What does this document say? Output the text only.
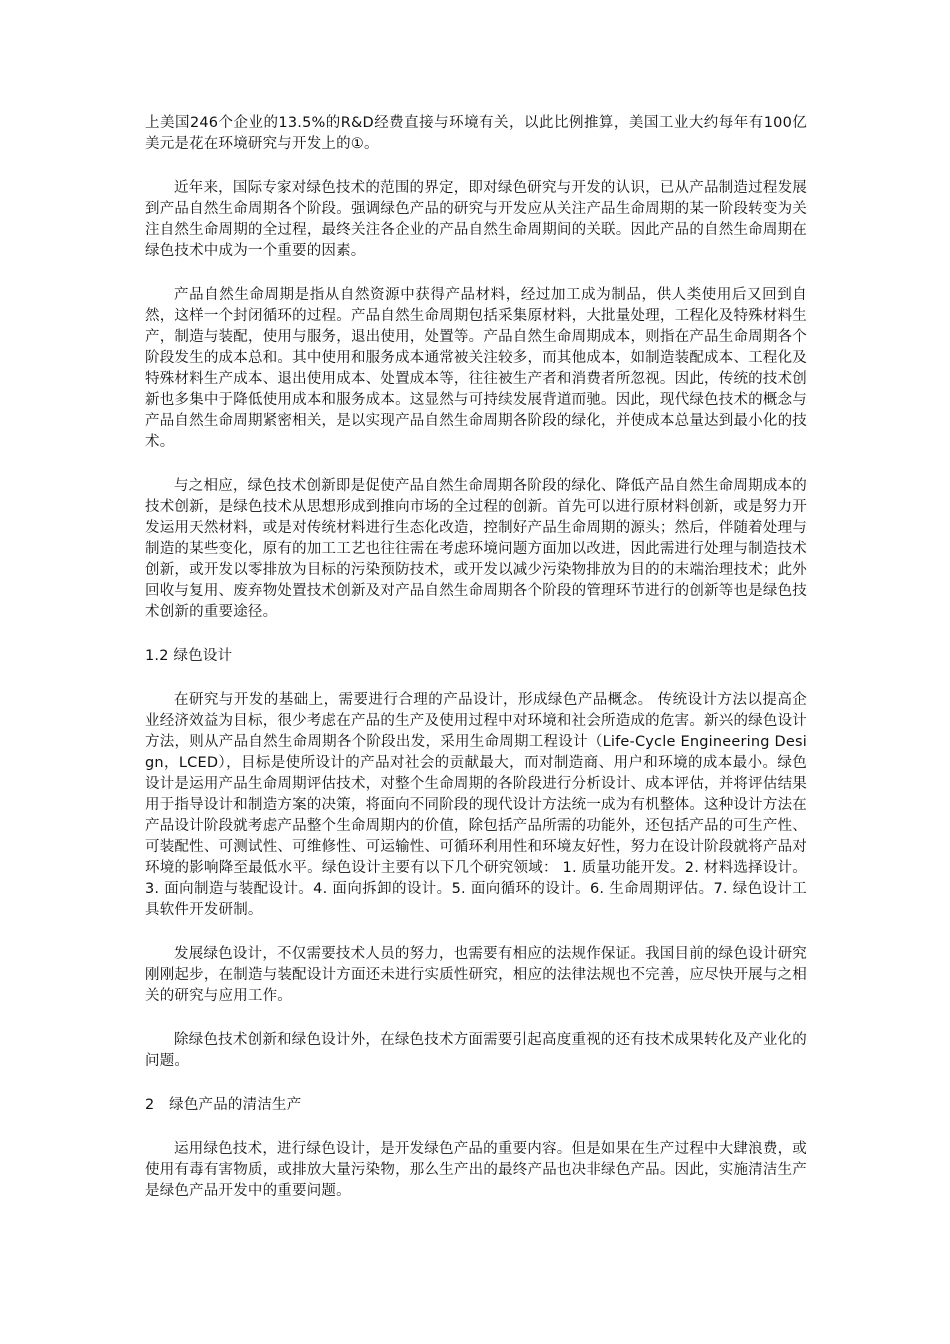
上美国246个企业的13.5%的R&D经费直接与环境有关，以此比例推算，美国工业大约每年有100亿美元是花在环境研究与开发上的①。

近年来，国际专家对绿色技术的范围的界定，即对绿色研究与开发的认识，已从产品制造过程发展到产品自然生命周期各个阶段。强调绿色产品的研究与开发应从关注产品生命周期的某一阶段转变为关注自然生命周期的全过程，最终关注各企业的产品自然生命周期间的关联。因此产品的自然生命周期在绿色技术中成为一个重要的因素。

产品自然生命周期是指从自然资源中获得产品材料，经过加工成为制品，供人类使用后又回到自然，这样一个封闭循环的过程。产品自然生命周期包括采集原材料，大批量处理，工程化及特殊材料生产，制造与装配，使用与服务，退出使用，处置等。产品自然生命周期成本，则指在产品生命周期各个阶段发生的成本总和。其中使用和服务成本通常被关注较多，而其他成本，如制造装配成本、工程化及特殊材料生产成本、退出使用成本、处置成本等，往往被生产者和消费者所忽视。因此，传统的技术创新也多集中于降低使用成本和服务成本。这显然与可持续发展背道而驰。因此，现代绿色技术的概念与产品自然生命周期紧密相关，是以实现产品自然生命周期各阶段的绿化，并使成本总量达到最小化的技术。

与之相应，绿色技术创新即是促使产品自然生命周期各阶段的绿化、降低产品自然生命周期成本的技术创新，是绿色技术从思想形成到推向市场的全过程的创新。首先可以进行原材料创新，或是努力开发运用天然材料，或是对传统材料进行生态化改造，控制好产品生命周期的源头；然后，伴随着处理与制造的某些变化，原有的加工工艺也往往需在考虑环境问题方面加以改进，因此需进行处理与制造技术创新，或开发以零排放为目标的污染预防技术，或开发以减少污染物排放为目的的末端治理技术；此外回收与复用、废弃物处置技术创新及对产品自然生命周期各个阶段的管理环节进行的创新等也是绿色技术创新的重要途径。

1.2 绿色设计

在研究与开发的基础上，需要进行合理的产品设计，形成绿色产品概念。 传统设计方法以提高企业经济效益为目标，很少考虑在产品的生产及使用过程中对环境和社会所造成的危害。新兴的绿色设计方法，则从产品自然生命周期各个阶段出发，采用生命周期工程设计（Life-Cycle Engineering Design，LCED），目标是使所设计的产品对社会的贡献最大，而对制造商、用户和环境的成本最小。绿色设计是运用产品生命周期评估技术，对整个生命周期的各阶段进行分析设计、成本评估，并将评估结果用于指导设计和制造方案的决策，将面向不同阶段的现代设计方法统一成为有机整体。这种设计方法在产品设计阶段就考虑产品整个生命周期内的价值，除包括产品所需的功能外，还包括产品的可生产性、可装配性、可测试性、可维修性、可运输性、可循环利用性和环境友好性，努力在设计阶段就将产品对环境的影响降至最低水平。绿色设计主要有以下几个研究领域： 1. 质量功能开发。2. 材料选择设计。3. 面向制造与装配设计。4. 面向拆卸的设计。5. 面向循环的设计。6. 生命周期评估。7. 绿色设计工具软件开发研制。

发展绿色设计，不仅需要技术人员的努力，也需要有相应的法规作保证。我国目前的绿色设计研究刚刚起步，在制造与装配设计方面还未进行实质性研究，相应的法律法规也不完善，应尽快开展与之相关的研究与应用工作。

除绿色技术创新和绿色设计外，在绿色技术方面需要引起高度重视的还有技术成果转化及产业化的问题。

2　绿色产品的清洁生产

运用绿色技术，进行绿色设计，是开发绿色产品的重要内容。但是如果在生产过程中大肆浪费，或使用有毒有害物质，或排放大量污染物，那么生产出的最终产品也决非绿色产品。因此，实施清洁生产是绿色产品开发中的重要问题。
